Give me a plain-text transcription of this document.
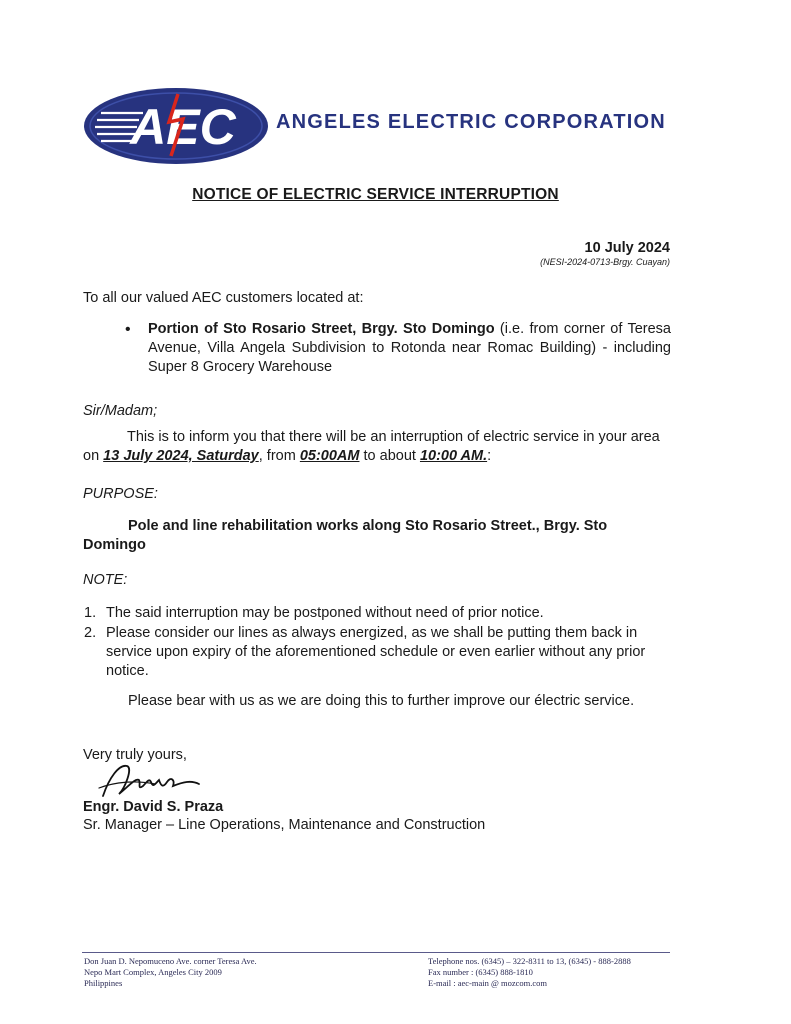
AEC ANGELES ELECTRIC CORPORATION
NOTICE OF ELECTRIC SERVICE INTERRUPTION
10 July 2024
(NESI-2024-0713-Brgy. Cuayan)
To all our valued AEC customers located at:
• Portion of Sto Rosario Street, Brgy. Sto Domingo (i.e. from corner of Teresa Avenue, Villa Angela Subdivision to Rotonda near Romac Building) - including Super 8 Grocery Warehouse
Sir/Madam;
This is to inform you that there will be an interruption of electric service in your area on 13 July 2024, Saturday, from 05:00AM to about 10:00 AM.:
PURPOSE:
Pole and line rehabilitation works along Sto Rosario Street., Brgy. Sto Domingo
NOTE:
1. The said interruption may be postponed without need of prior notice.
2. Please consider our lines as always energized, as we shall be putting them back in service upon expiry of the aforementioned schedule or even earlier without any prior notice.
Please bear with us as we are doing this to further improve our électric service.
Very truly yours,
Engr. David S. Praza
Sr. Manager – Line Operations, Maintenance and Construction
Don Juan D. Nepomuceno Ave. corner Teresa Ave.
Nepo Mart Complex, Angeles City 2009
Philippines
Telephone nos. (6345) – 322-8311 to 13, (6345) - 888-2888
Fax number : (6345) 888-1810
E-mail : aec-main @ mozcom.com
